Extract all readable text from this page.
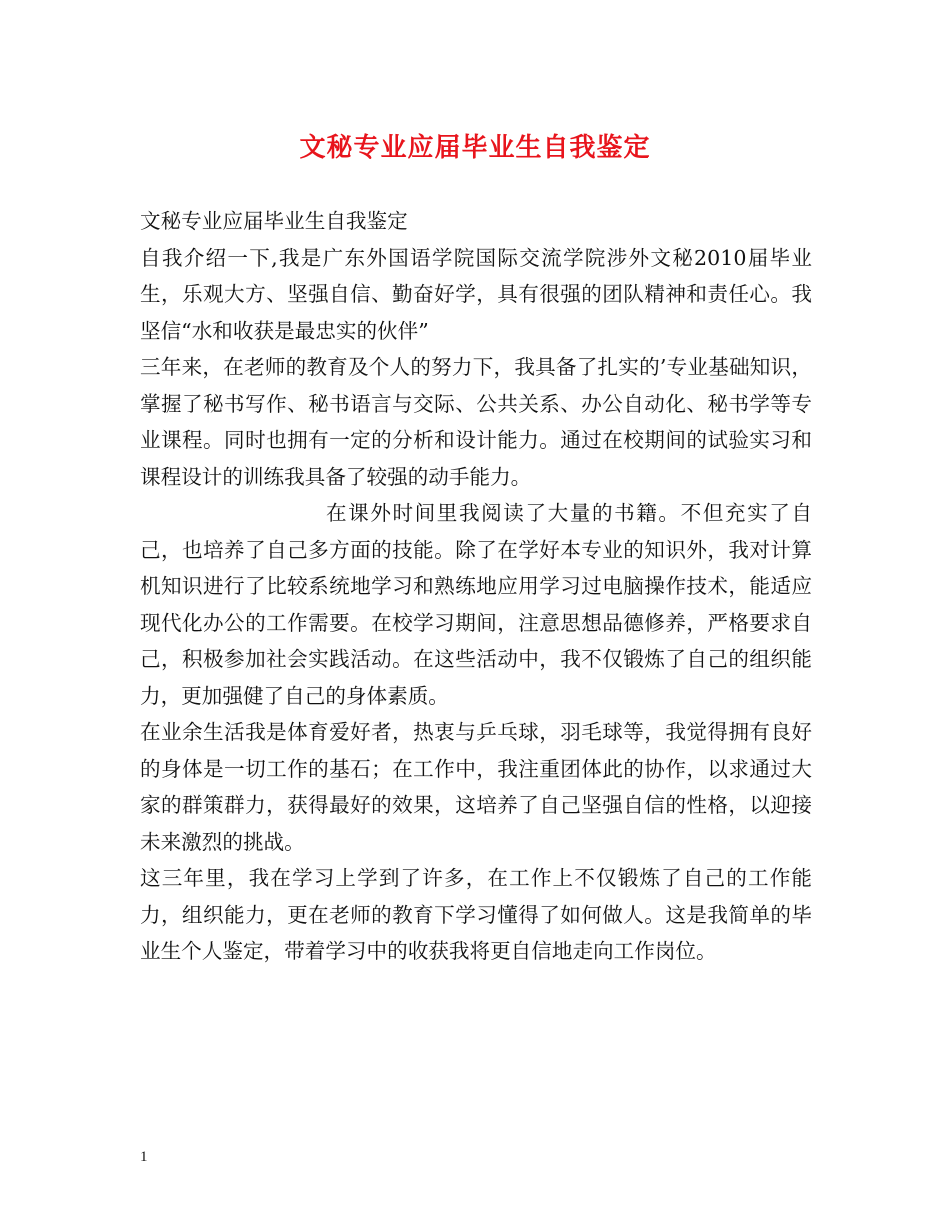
文秘专业应届毕业生自我鉴定

文秘专业应届毕业生自我鉴定

自我介绍一下,我是广东外国语学院国际交流学院涉外文秘2010届毕业生，乐观大方、坚强自信、勤奋好学，具有很强的团队精神和责任心。我坚信“水和收获是最忠实的伙伴”

三年来，在老师的教育及个人的努力下，我具备了扎实的’专业基础知识，掌握了秘书写作、秘书语言与交际、公共关系、办公自动化、秘书学等专业课程。同时也拥有一定的分析和设计能力。通过在校期间的试验实习和课程设计的训练我具备了较强的动手能力。

在课外时间里我阅读了大量的书籍。不但充实了自己，也培养了自己多方面的技能。除了在学好本专业的知识外，我对计算机知识进行了比较系统地学习和熟练地应用学习过电脑操作技术，能适应现代化办公的工作需要。在校学习期间，注意思想品德修养，严格要求自己，积极参加社会实践活动。在这些活动中，我不仅锻炼了自己的组织能力，更加强健了自己的身体素质。

在业余生活我是体育爱好者，热衷与乒乓球，羽毛球等，我觉得拥有良好的身体是一切工作的基石；在工作中，我注重团体此的协作，以求通过大家的群策群力，获得最好的效果，这培养了自己坚强自信的性格，以迎接未来激烈的挑战。

这三年里，我在学习上学到了许多，在工作上不仅锻炼了自己的工作能力，组织能力，更在老师的教育下学习懂得了如何做人。这是我简单的毕业生个人鉴定，带着学习中的收获我将更自信地走向工作岗位。

1
